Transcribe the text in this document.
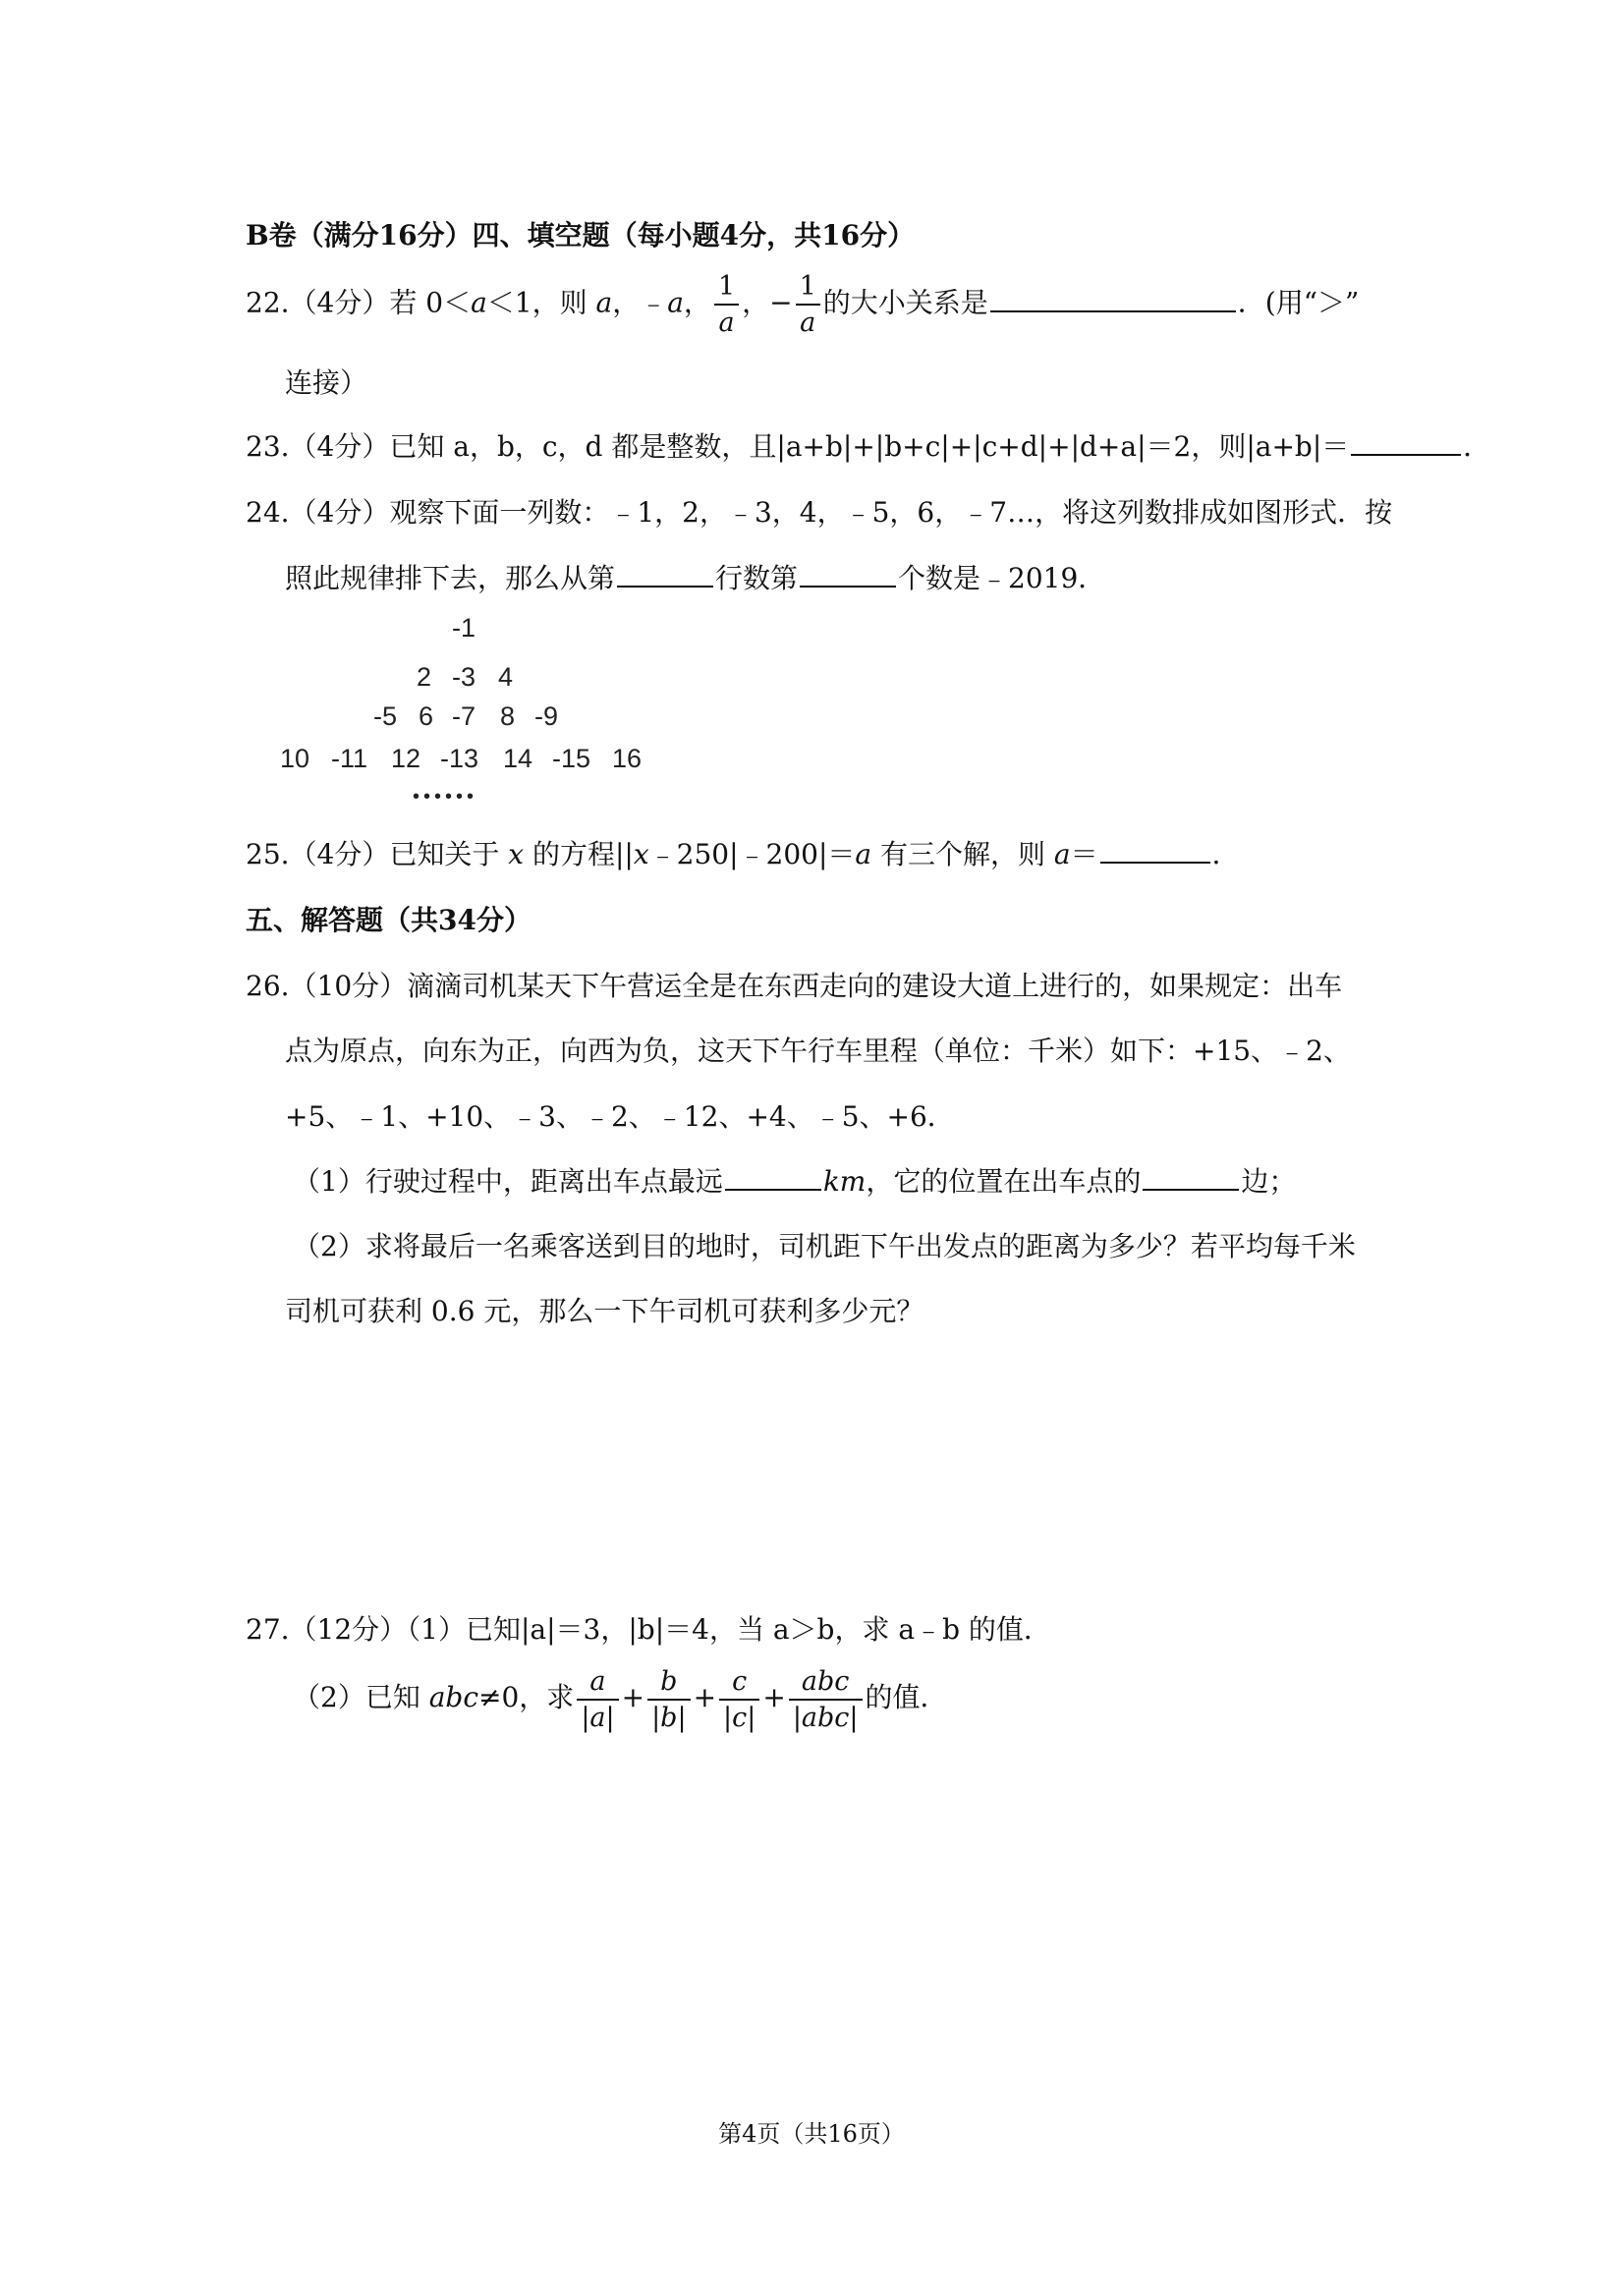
B卷（满分16分）四、填空题（每小题4分，共16分）
22.（4分）若 0＜a＜1，则 a，﹣a， $\frac{1}{a}$ ，− $\frac{1}{a}$ 的大小关系是	．(用“＞”
连接）
23.（4分）已知 a，b，c，d 都是整数，且|a+b|+|b+c|+|c+d|+|d+a|＝2，则|a+b|＝	．
24.（4分）观察下面一列数：﹣1，2，﹣3，4，﹣5，6，﹣7…，将这列数排成如图形式．按
照此规律排下去，那么从第	行数第	个数是﹣2019．
-1
2 -3 4
-5 6 -7 8 -9
10 -11 12 -13 14 -15 16
••••••
25.（4分）已知关于 x 的方程||x﹣250|﹣200|＝a 有三个解，则 a＝	．
五、解答题（共34分）
26.（10分）滴滴司机某天下午营运全是在东西走向的建设大道上进行的，如果规定：出车
点为原点，向东为正，向西为负，这天下午行车里程（单位：千米）如下：+15、﹣2、
+5、﹣1、+10、﹣3、﹣2、﹣12、+4、﹣5、+6．
（1）行驶过程中，距离出车点最远	km，它的位置在出车点的	边；
（2）求将最后一名乘客送到目的地时，司机距下午出发点的距离为多少？若平均每千米
司机可获利 0.6 元，那么一下午司机可获利多少元？
27.（12分）（1）已知|a|＝3，|b|＝4，当 a＞b，求 a﹣b 的值．
（2）已知 abc≠0，求 $\frac{a}{|a|} + \frac{b}{|b|} + \frac{c}{|c|} + \frac{\text{abc}}{\text{|abc|}}$ 的值．
第4页（共16页）
